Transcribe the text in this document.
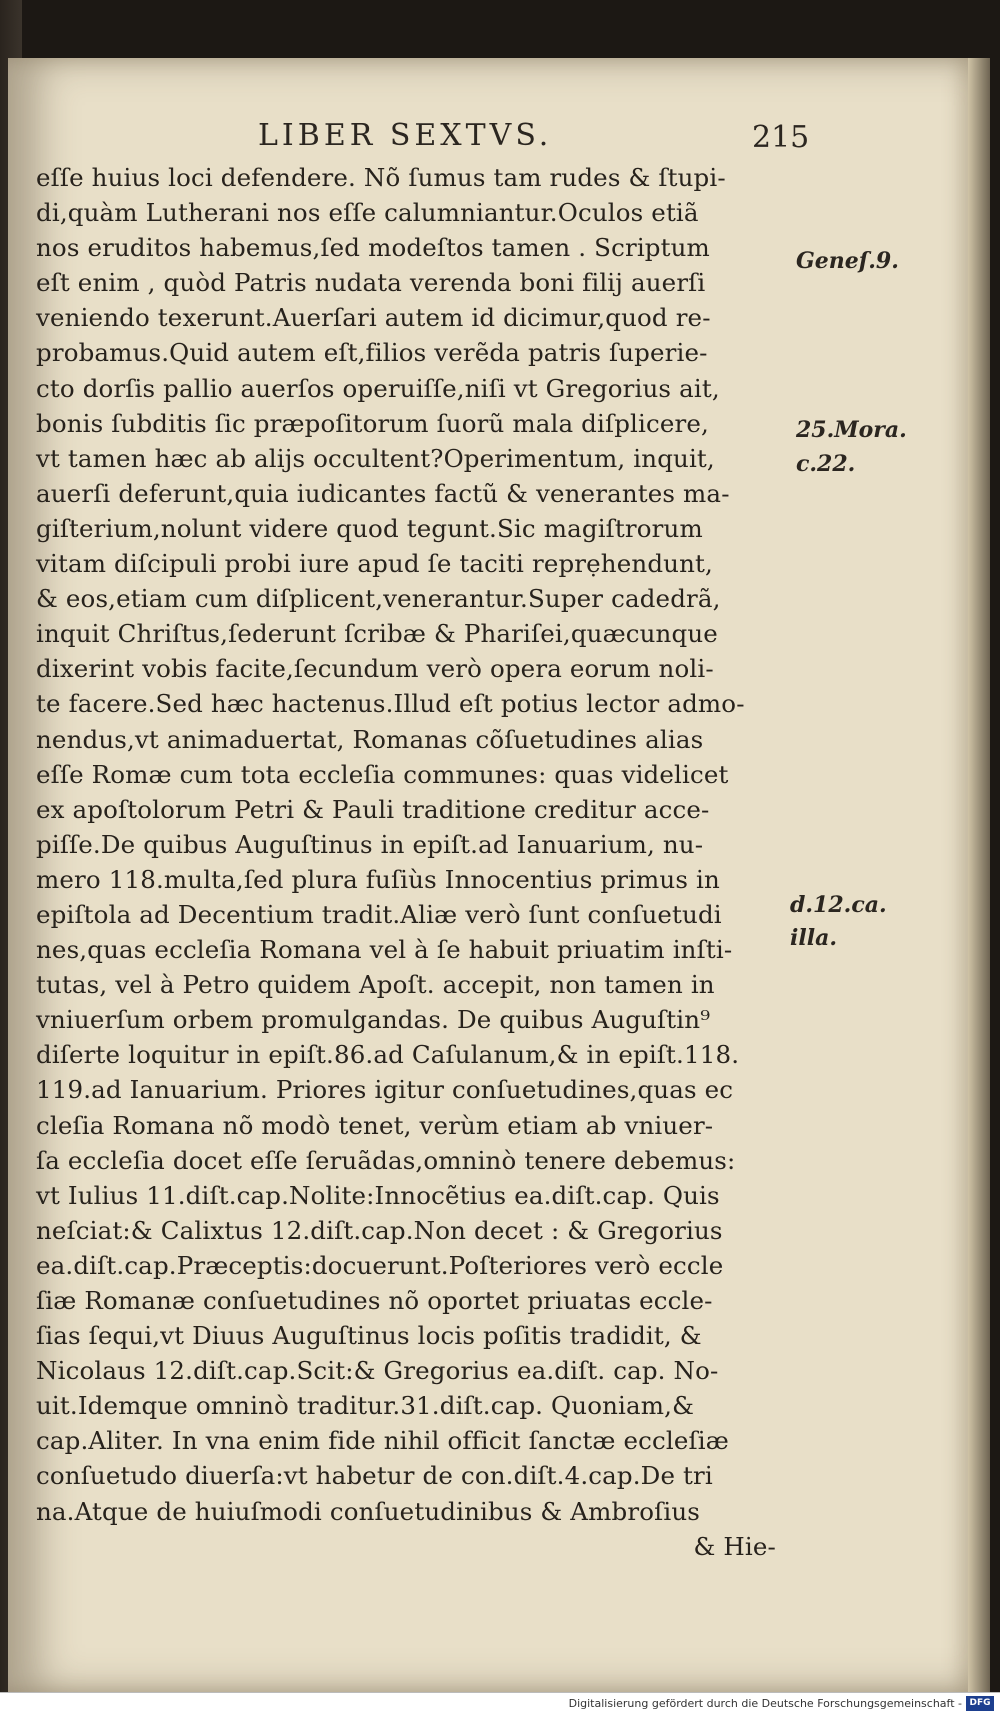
LIBER SEXTVS.	215
eſſe huius loci defendere. Nõ ſumus tam rudes & ſtupi-
di,quàm Lutherani nos eſſe calumniantur.Oculos etiã
nos eruditos habemus,ſed modeſtos tamen . Scriptum
eſt enim , quòd Patris nudata verenda boni filij auerſi
veniendo texerunt.Auerſari autem id dicimur,quod re-
probamus.Quid autem eſt,filios verẽda patris ſuperie-
cto dorſis pallio auerſos operuiſſe,niſi vt Gregorius ait,
bonis ſubditis ſic præpoſitorum ſuorũ mala diſplicere,
vt tamen hæc ab alijs occultent?Operimentum, inquit,
auerſi deferunt,quia iudicantes factũ & venerantes ma-
giſterium,nolunt videre quod tegunt.Sic magiſtrorum
vitam diſcipuli probi iure apud ſe taciti reprẹhendunt,
& eos,etiam cum diſplicent,venerantur.Super cadedrã,
inquit Chriſtus,ſederunt ſcribæ & Phariſei,quæcunque
dixerint vobis facite,ſecundum verò opera eorum noli-
te facere.Sed hæc hactenus.Illud eſt potius lector admo-
nendus,vt animaduertat, Romanas cõſuetudines alias
eſſe Romæ cum tota eccleſia communes: quas videlicet
ex apoſtolorum Petri & Pauli traditione creditur acce-
piſſe.De quibus Auguſtinus in epiſt.ad Ianuarium, nu-
mero 118.multa,ſed plura fuſiùs Innocentius primus in
epiſtola ad Decentium tradit.Aliæ verò ſunt conſuetudi
nes,quas eccleſia Romana vel à ſe habuit priuatim inſti-
tutas, vel à Petro quidem Apoſt. accepit, non tamen in
vniuerſum orbem promulgandas. De quibus Auguſtin⁹
diſerte loquitur in epiſt.86.ad Caſulanum,& in epiſt.118.
119.ad Ianuarium. Priores igitur conſuetudines,quas ec
cleſia Romana nõ modò tenet, verùm etiam ab vniuer-
ſa eccleſia docet eſſe ſeruãdas,omninò tenere debemus:
vt Iulius 11.diſt.cap.Nolite:Innocẽtius ea.diſt.cap. Quis
neſciat:& Calixtus 12.diſt.cap.Non decet : & Gregorius
ea.diſt.cap.Præceptis:docuerunt.Poſteriores verò eccle
ſiæ Romanæ conſuetudines nõ oportet priuatas eccle-
ſias ſequi,vt Diuus Auguſtinus locis poſitis tradidit, &
Nicolaus 12.diſt.cap.Scit:& Gregorius ea.diſt. cap. No-
uit.Idemque omninò traditur.31.diſt.cap. Quoniam,&
cap.Aliter. In vna enim fide nihil officit ſanctæ eccleſiæ
conſuetudo diuerſa:vt habetur de con.diſt.4.cap.De tri
na.Atque de huiuſmodi conſuetudinibus & Ambroſius
& Hie-
Geneſ.9.
25.Mora.
c.22.
d.12.ca.
illa.
Digitalisierung gefördert durch die Deutsche Forschungsgemeinschaft - DFG
